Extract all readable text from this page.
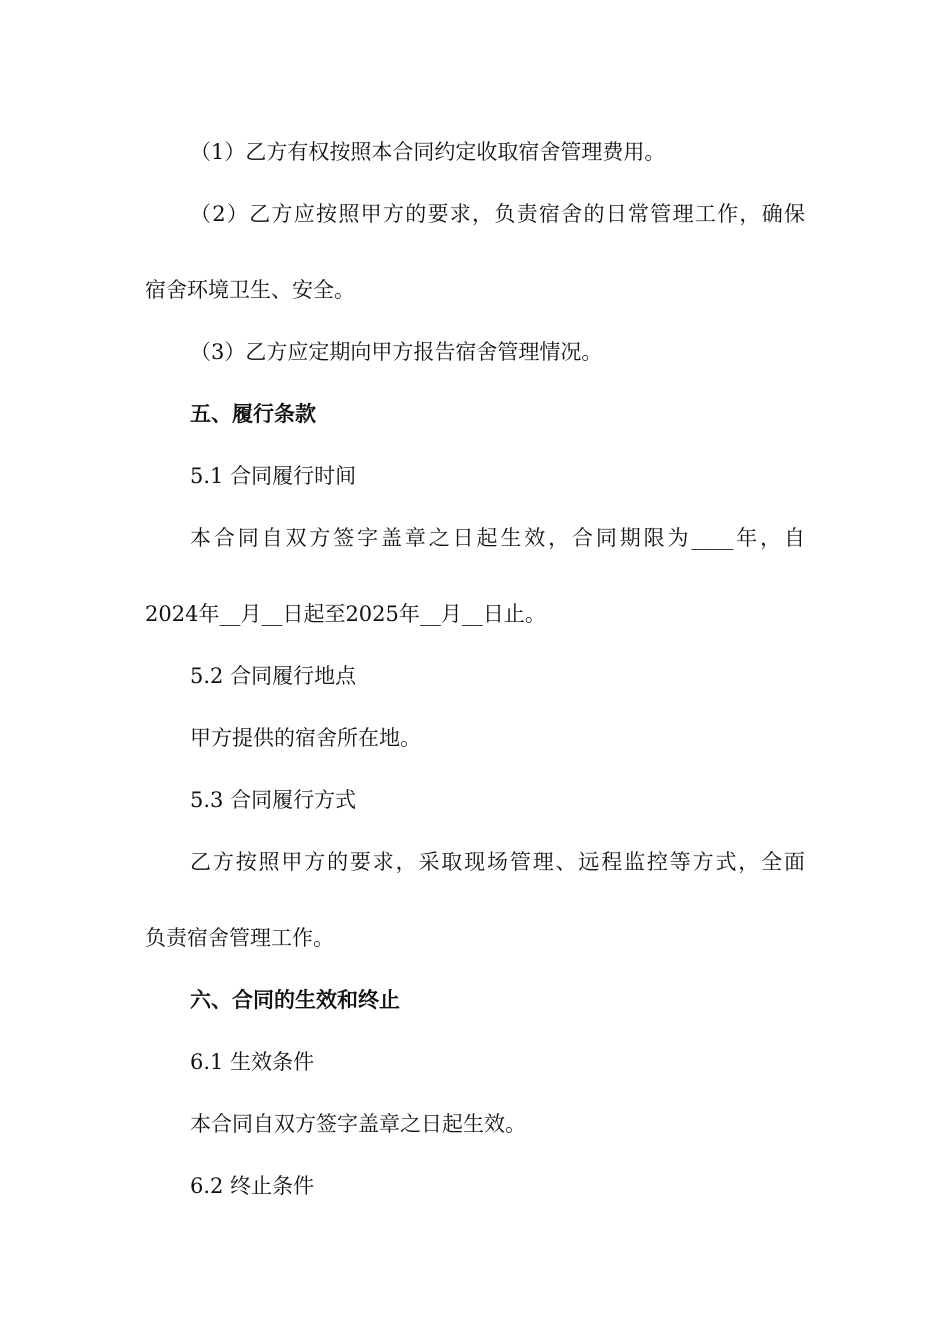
（1）乙方有权按照本合同约定收取宿舍管理费用。
（2）乙方应按照甲方的要求，负责宿舍的日常管理工作，确保
宿舍环境卫生、安全。
（3）乙方应定期向甲方报告宿舍管理情况。
五、履行条款
5.1 合同履行时间
本合同自双方签字盖章之日起生效，合同期限为____年，自
2024年__月__日起至2025年__月__日止。
5.2 合同履行地点
甲方提供的宿舍所在地。
5.3 合同履行方式
乙方按照甲方的要求，采取现场管理、远程监控等方式，全面
负责宿舍管理工作。
六、合同的生效和终止
6.1 生效条件
本合同自双方签字盖章之日起生效。
6.2 终止条件
